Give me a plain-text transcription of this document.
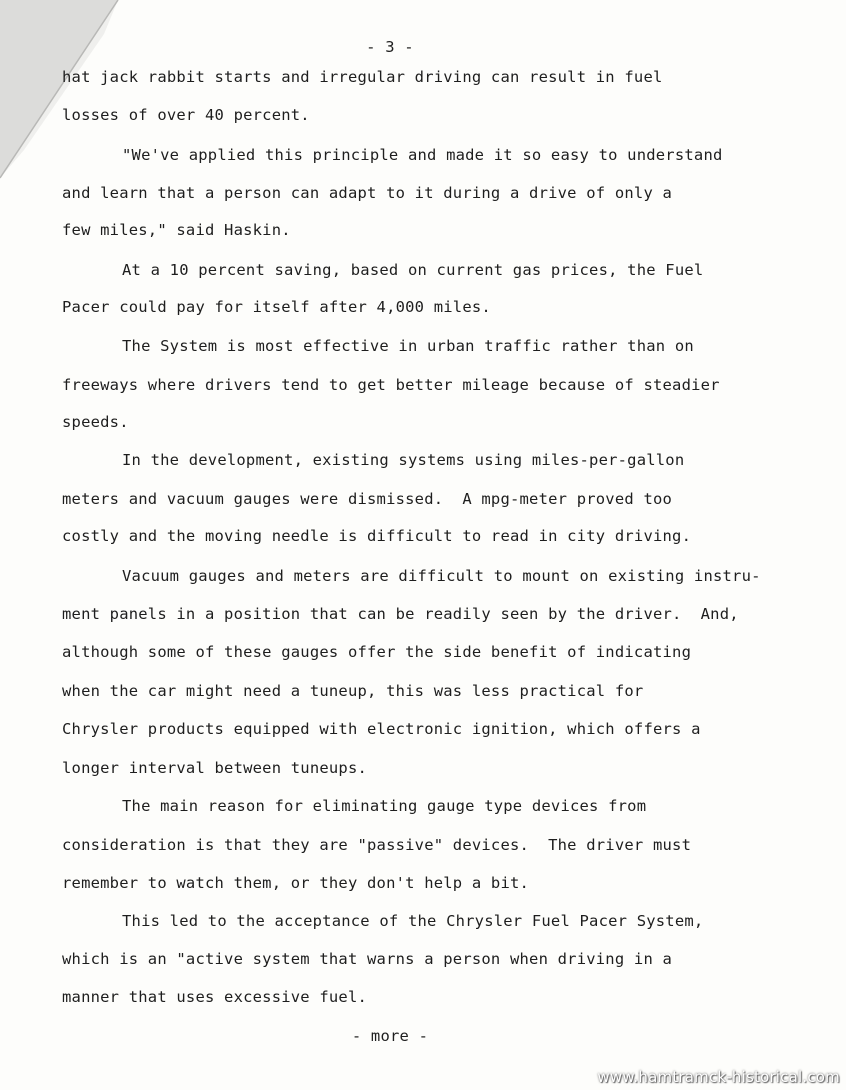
- 3 -
hat jack rabbit starts and irregular driving can result in fuel
losses of over 40 percent.
"We've applied this principle and made it so easy to understand
and learn that a person can adapt to it during a drive of only a
few miles," said Haskin.
At a 10 percent saving, based on current gas prices, the Fuel
Pacer could pay for itself after 4,000 miles.
The System is most effective in urban traffic rather than on
freeways where drivers tend to get better mileage because of steadier
speeds.
In the development, existing systems using miles-per-gallon
meters and vacuum gauges were dismissed.  A mpg-meter proved too
costly and the moving needle is difficult to read in city driving.
Vacuum gauges and meters are difficult to mount on existing instru-
ment panels in a position that can be readily seen by the driver.  And,
although some of these gauges offer the side benefit of indicating
when the car might need a tuneup, this was less practical for
Chrysler products equipped with electronic ignition, which offers a
longer interval between tuneups.
The main reason for eliminating gauge type devices from
consideration is that they are "passive" devices.  The driver must
remember to watch them, or they don't help a bit.
This led to the acceptance of the Chrysler Fuel Pacer System,
which is an "active system that warns a person when driving in a
manner that uses excessive fuel.
- more -
www.hamtramck-historical.com
